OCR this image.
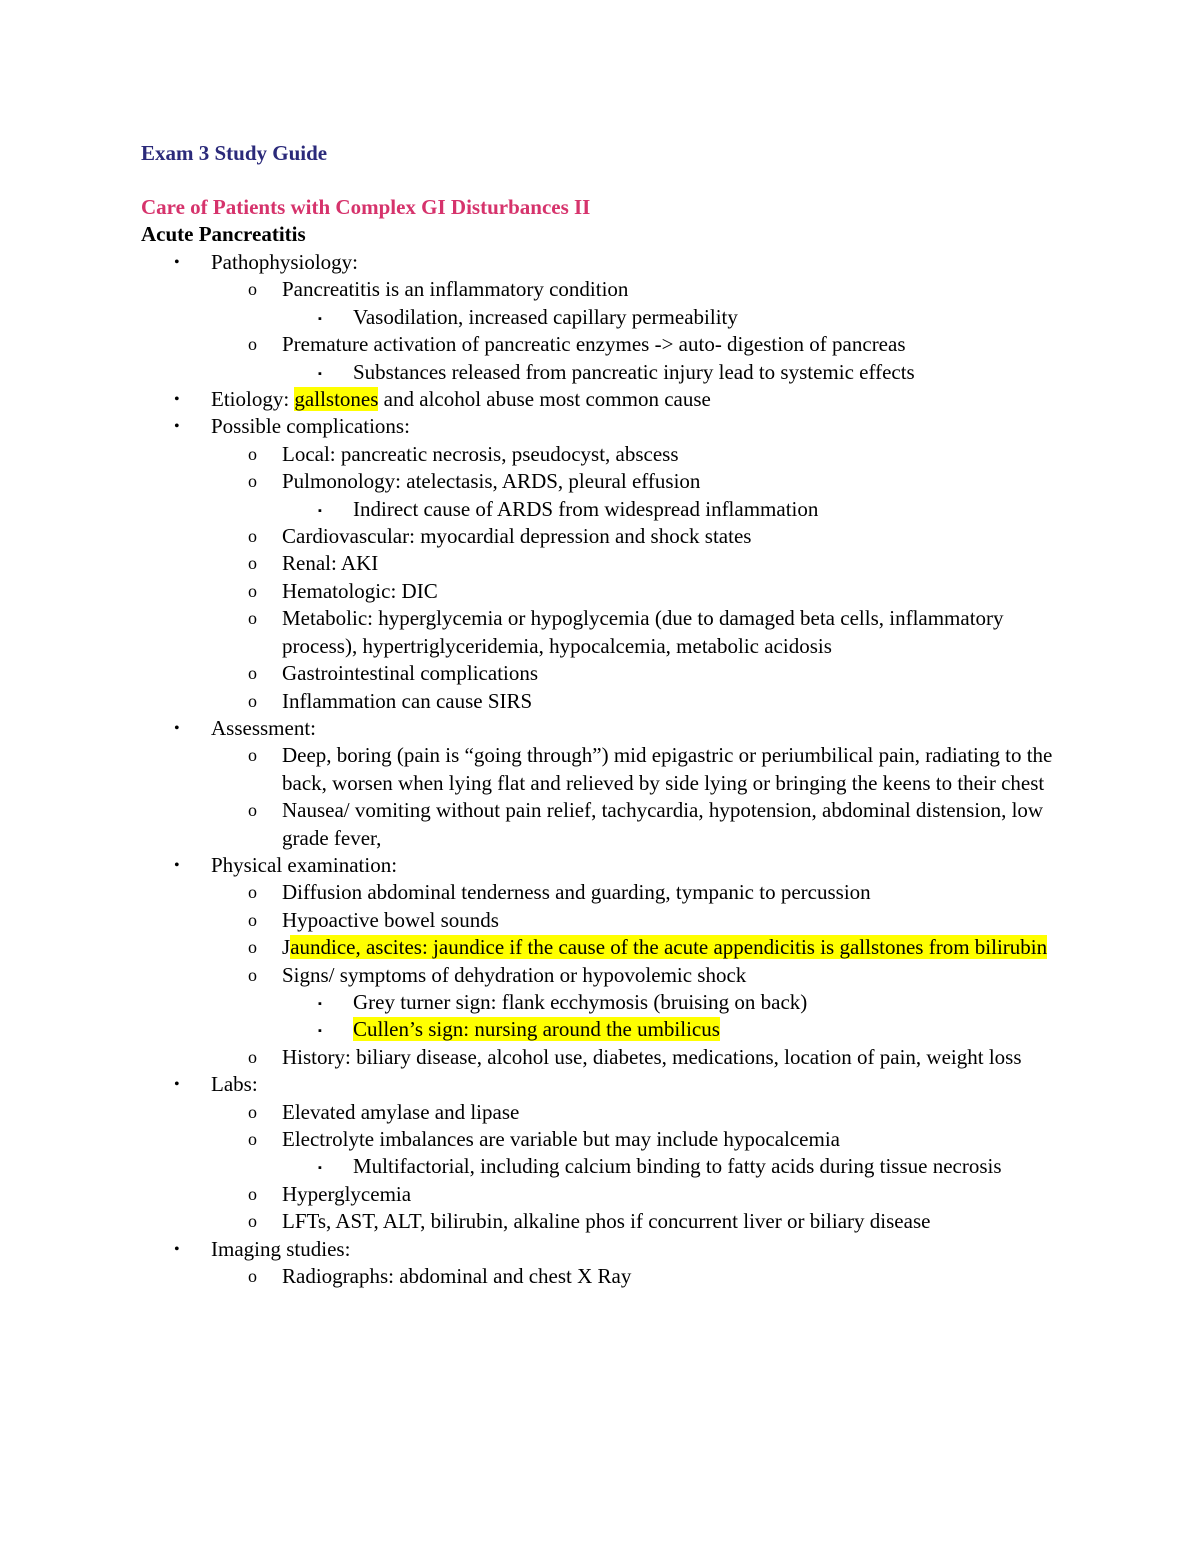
Exam 3 Study Guide
Care of Patients with Complex GI Disturbances II
Acute Pancreatitis
• Pathophysiology:
o Pancreatitis is an inflammatory condition
▪ Vasodilation, increased capillary permeability
o Premature activation of pancreatic enzymes -> auto- digestion of pancreas
▪ Substances released from pancreatic injury lead to systemic effects
• Etiology: gallstones and alcohol abuse most common cause
• Possible complications:
o Local: pancreatic necrosis, pseudocyst, abscess
o Pulmonology: atelectasis, ARDS, pleural effusion
▪ Indirect cause of ARDS from widespread inflammation
o Cardiovascular: myocardial depression and shock states
o Renal: AKI
o Hematologic: DIC
o Metabolic: hyperglycemia or hypoglycemia (due to damaged beta cells, inflammatory process), hypertriglyceridemia, hypocalcemia, metabolic acidosis
o Gastrointestinal complications
o Inflammation can cause SIRS
• Assessment:
o Deep, boring (pain is “going through”) mid epigastric or periumbilical pain, radiating to the back, worsen when lying flat and relieved by side lying or bringing the keens to their chest
o Nausea/ vomiting without pain relief, tachycardia, hypotension, abdominal distension, low grade fever,
• Physical examination:
o Diffusion abdominal tenderness and guarding, tympanic to percussion
o Hypoactive bowel sounds
o Jaundice, ascites: jaundice if the cause of the acute appendicitis is gallstones from bilirubin
o Signs/ symptoms of dehydration or hypovolemic shock
▪ Grey turner sign: flank ecchymosis (bruising on back)
▪ Cullen’s sign: nursing around the umbilicus
o History: biliary disease, alcohol use, diabetes, medications, location of pain, weight loss
• Labs:
o Elevated amylase and lipase
o Electrolyte imbalances are variable but may include hypocalcemia
▪ Multifactorial, including calcium binding to fatty acids during tissue necrosis
o Hyperglycemia
o LFTs, AST, ALT, bilirubin, alkaline phos if concurrent liver or biliary disease
• Imaging studies:
o Radiographs: abdominal and chest X Ray
